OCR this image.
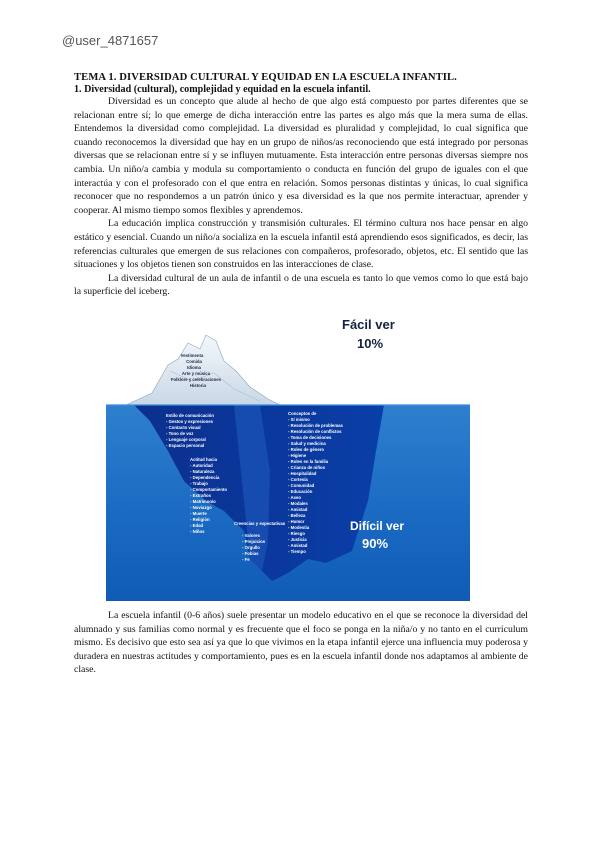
@user_4871657
TEMA 1. DIVERSIDAD CULTURAL Y EQUIDAD EN LA ESCUELA INFANTIL.
1. Diversidad (cultural), complejidad y equidad en la escuela infantil.

Diversidad es un concepto que alude al hecho de que algo está compuesto por partes diferentes que se relacionan entre sí; lo que emerge de dicha interacción entre las partes es algo más que la mera suma de ellas. Entendemos la diversidad como complejidad. La diversidad es pluralidad y complejidad, lo cual significa que cuando reconocemos la diversidad que hay en un grupo de niños/as reconociendo que está integrado por personas diversas que se relacionan entre sí y se influyen mutuamente. Esta interacción entre personas diversas siempre nos cambia. Un niño/a cambia y modula su comportamiento o conducta en función del grupo de iguales con el que interactúa y con el profesorado con el que entra en relación. Somos personas distintas y únicas, lo cual significa reconocer que no respondemos a un patrón único y esa diversidad es la que nos permite interactuar, aprender y cooperar. Al mismo tiempo somos flexibles y aprendemos.

La educación implica construcción y transmisión culturales. El término cultura nos hace pensar en algo estático y esencial. Cuando un niño/a socializa en la escuela infantil está aprendiendo esos significados, es decir, las referencias culturales que emergen de sus relaciones con compañeros, profesorado, objetos, etc. El sentido que las situaciones y los objetos tienen son construidos en las interacciones de clase.

La diversidad cultural de un aula de infantil o de una escuela es tanto lo que vemos como lo que está bajo la superficie del iceberg.

Fácil ver
10%
Difícil ver
90%
Vestimenta
Comida
Idioma
Arte y música
Folklore y celebraciones
Historia
Estilo de comunicación
- Gestos y expresiones
- Contacto visual
- Tono de voz
- Lenguaje corporal
- Espacio personal
Actitud hacia
- Autoridad
- Naturaleza
- Dependencia
- Trabajo
- Comportamiento
- Extraños
- Matrimonio
- Noviazgo
- Muerte
- Religión
- Edad
- Niños
Creencias y expectativas
- Valores
- Prejuicios
- Orgullo
- Fobias
- Fe
Conceptos de
- Sí mismo
- Resolución de problemas
- Resolución de conflictos
- Toma de decisiones
- Salud y medicina
- Roles de género
- Higiene
- Roles en la familia
- Crianza de niños
- Hospitalidad
- Cortesía
- Comunidad
- Educación
- Aseo
- Modales
- Amistad
- Belleza
- Humor
- Modestia
- Riesgo
- Justicia
- Amistad
- Tiempo

La escuela infantil (0-6 años) suele presentar un modelo educativo en el que se reconoce la diversidad del alumnado y sus familias como normal y es frecuente que el foco se ponga en la niña/o y no tanto en el currículum mismo. Es decisivo que esto sea así ya que lo que vivimos en la etapa infantil ejerce una influencia muy poderosa y duradera en nuestras actitudes y comportamiento, pues es en la escuela infantil donde nos adaptamos al ambiente de clase.
